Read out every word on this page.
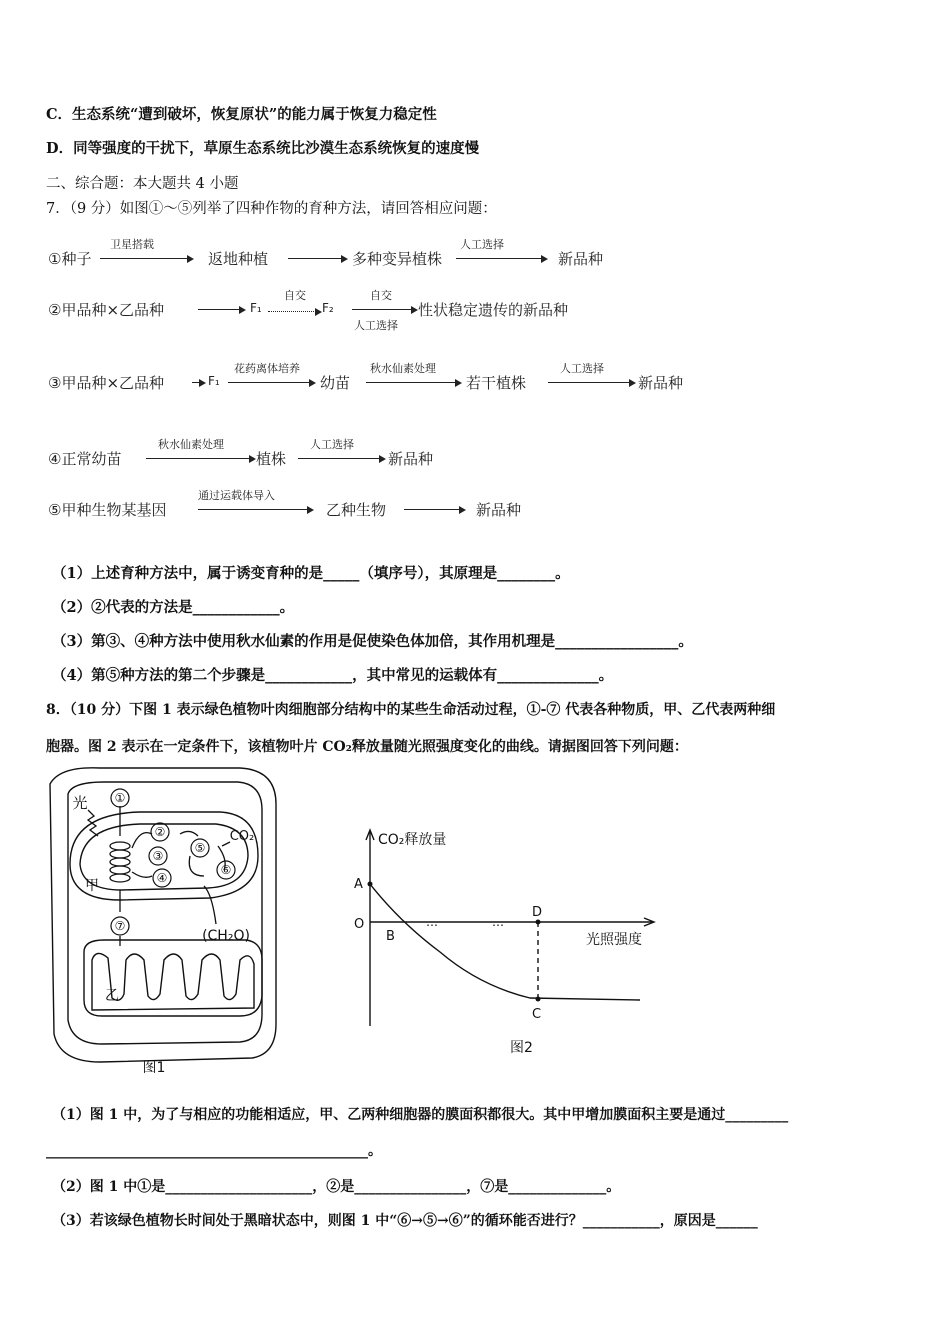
C．生态系统“遭到破坏，恢复原状”的能力属于恢复力稳定性
D．同等强度的干扰下，草原生态系统比沙漠生态系统恢复的速度慢
二、综合题：本大题共 4 小题
7．（9 分）如图①～⑤列举了四种作物的育种方法，请回答相应问题：
①种子
卫星搭载
返地种植	多种变异植株
人工选择
新品种
②甲品种×乙品种	F₁
自交
F₂
自交
人工选择
性状稳定遗传的新品种
③甲品种×乙品种	F₁
花药离体培养
幼苗
秋水仙素处理
若干植株
人工选择
新品种
④正常幼苗
秋水仙素处理
植株
人工选择
新品种
⑤甲种生物某基因
通过运载体导入
乙种生物	新品种
（1）上述育种方法中，属于诱变育种的是_____（填序号），其原理是________。
（2）②代表的方法是____________。
（3）第③、④种方法中使用秋水仙素的作用是促使染色体加倍，其作用机理是_________________。
（4）第⑤种方法的第二个步骤是____________，其中常见的运载体有______________。
8．（10 分）下图 1 表示绿色植物叶肉细胞部分结构中的某些生命活动过程，①-⑦ 代表各种物质，甲、乙代表两种细
胞器。图 2 表示在一定条件下，该植物叶片 CO₂释放量随光照强度变化的曲线。请据图回答下列问题：
光 ①
②
③
④
⑤
⑥
⑦
CO₂
甲
乙
(CH₂O)
图1
…	…
CO₂释放量
光照强度
A
O
B
D
C
图2
（1）图 1 中，为了与相应的功能相适应，甲、乙两种细胞器的膜面积都很大。其中甲增加膜面积主要是通过_________
______________________________________________。
（2）图 1 中①是_____________________，②是________________，⑦是______________。
（3）若该绿色植物长时间处于黑暗状态中，则图 1 中“⑥→⑤→⑥”的循环能否进行？___________，原因是______
